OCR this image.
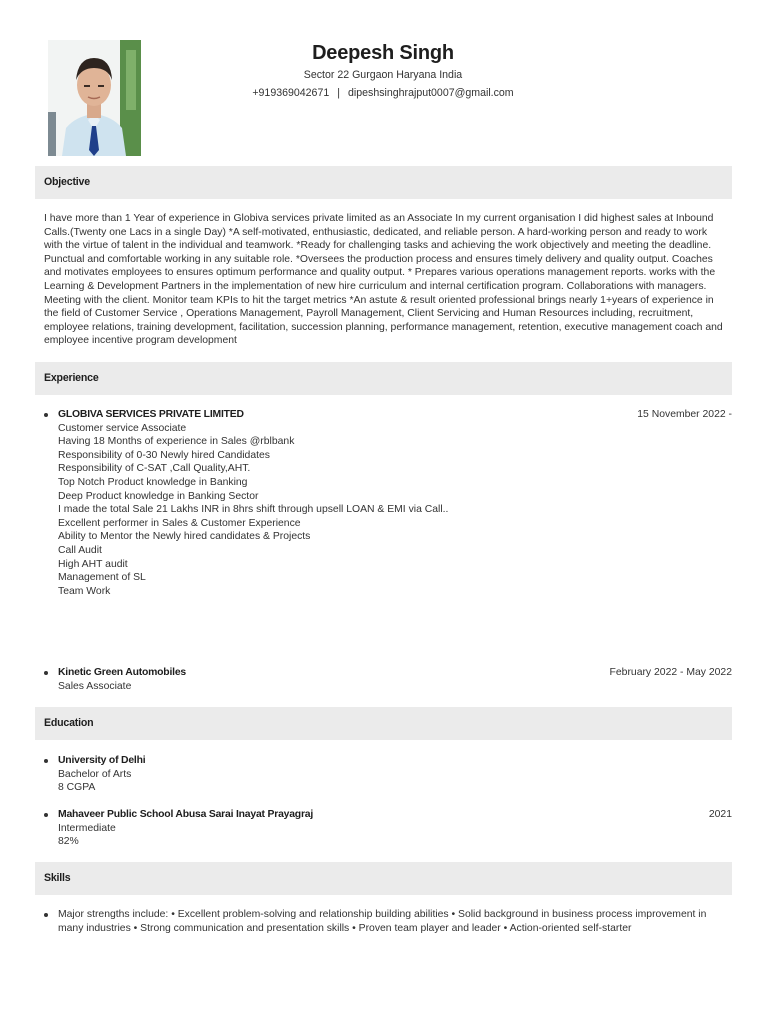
Deepesh Singh
Sector 22 Gurgaon Haryana India
+919369042671 | dipeshsinghrajput0007@gmail.com
Objective
I have more than 1 Year of experience in Globiva services private limited as an Associate In my current organisation I did highest sales at Inbound Calls.(Twenty one Lacs in a single Day) *A self-motivated, enthusiastic, dedicated, and reliable person. A hard-working person and ready to work with the virtue of talent in the individual and teamwork. *Ready for challenging tasks and achieving the work objectively and meeting the deadline. Punctual and comfortable working in any suitable role. *Oversees the production process and ensures timely delivery and quality output. Coaches and motivates employees to ensures optimum performance and quality output. * Prepares various operations management reports. works with the Learning & Development Partners in the implementation of new hire curriculum and internal certification program. Collaborations with managers. Meeting with the client. Monitor team KPIs to hit the target metrics *An astute & result oriented professional brings nearly 1+years of experience in the field of Customer Service , Operations Management, Payroll Management, Client Servicing and Human Resources including, recruitment, employee relations, training development, facilitation, succession planning, performance management, retention, executive management coach and employee incentive program development
Experience
GLOBIVA SERVICES PRIVATE LIMITED	15 November 2022 -
Customer service Associate
Having 18 Months of experience in Sales @rblbank
Responsibility of 0-30 Newly hired Candidates
Responsibility of C-SAT ,Call Quality,AHT.
Top Notch Product knowledge in Banking
Deep Product knowledge in Banking Sector
I made the total Sale 21 Lakhs INR in 8hrs shift through upsell LOAN & EMI via Call..
Excellent performer in Sales & Customer Experience
Ability to Mentor the Newly hired candidates & Projects
Call Audit
High AHT audit
Management of SL
Team Work
Kinetic Green Automobiles	February 2022 - May 2022
Sales Associate
Education
University of Delhi
Bachelor of Arts
8 CGPA
Mahaveer Public School Abusa Sarai Inayat Prayagraj	2021
Intermediate
82%
Skills
Major strengths include: • Excellent problem-solving and relationship building abilities • Solid background in business process improvement in many industries • Strong communication and presentation skills • Proven team player and leader • Action-oriented self-starter
